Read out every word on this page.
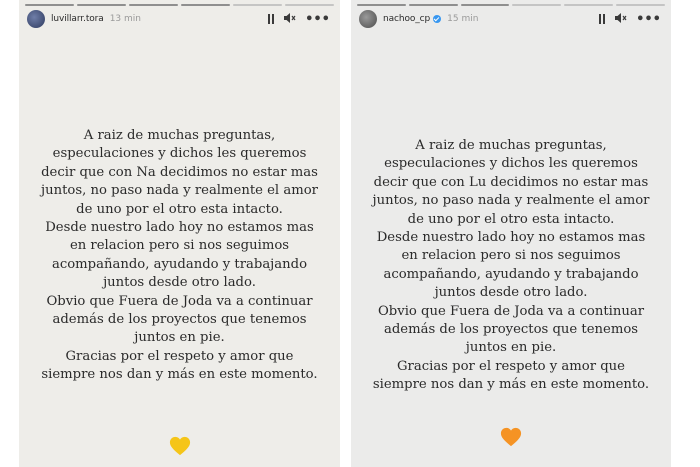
luvillarr.tora 13 min	•••

A raiz de muchas preguntas,
especulaciones y dichos les queremos
decir que con Na decidimos no estar mas
juntos, no paso nada y realmente el amor
de uno por el otro esta intacto.

Desde nuestro lado hoy no estamos mas
en relacion pero si nos seguimos
acompañando, ayudando y trabajando
juntos desde otro lado.

Obvio que Fuera de Joda va a continuar
además de los proyectos que tenemos
juntos en pie.

Gracias por el respeto y amor que
siempre nos dan y más en este momento.

nachoo_cp 15 min	•••

A raiz de muchas preguntas,
especulaciones y dichos les queremos
decir que con Lu decidimos no estar mas
juntos, no paso nada y realmente el amor
de uno por el otro esta intacto.

Desde nuestro lado hoy no estamos mas
en relacion pero si nos seguimos
acompañando, ayudando y trabajando
juntos desde otro lado.

Obvio que Fuera de Joda va a continuar
además de los proyectos que tenemos
juntos en pie.

Gracias por el respeto y amor que
siempre nos dan y más en este momento.
